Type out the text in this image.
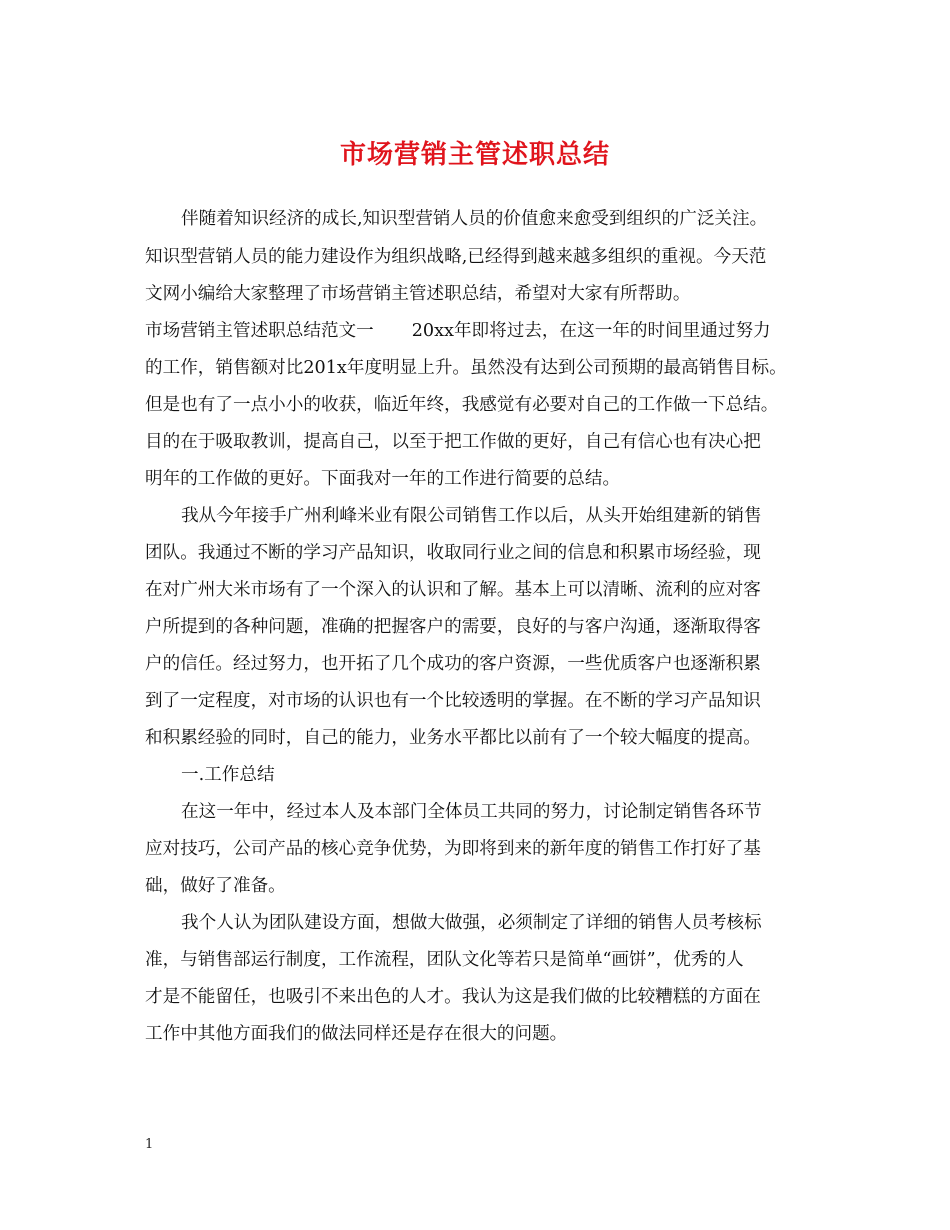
市场营销主管述职总结
伴随着知识经济的成长,知识型营销人员的价值愈来愈受到组织的广泛关注。
知识型营销人员的能力建设作为组织战略,已经得到越来越多组织的重视。今天范
文网小编给大家整理了市场营销主管述职总结，希望对大家有所帮助。
市场营销主管述职总结范文一 20xx年即将过去，在这一年的时间里通过努力
的工作，销售额对比201x年度明显上升。虽然没有达到公司预期的最高销售目标。
但是也有了一点小小的收获，临近年终，我感觉有必要对自己的工作做一下总结。
目的在于吸取教训，提高自己，以至于把工作做的更好，自己有信心也有决心把
明年的工作做的更好。下面我对一年的工作进行简要的总结。
我从今年接手广州利峰米业有限公司销售工作以后，从头开始组建新的销售
团队。我通过不断的学习产品知识，收取同行业之间的信息和积累市场经验，现
在对广州大米市场有了一个深入的认识和了解。基本上可以清晰、流利的应对客
户所提到的各种问题，准确的把握客户的需要，良好的与客户沟通，逐渐取得客
户的信任。经过努力，也开拓了几个成功的客户资源，一些优质客户也逐渐积累
到了一定程度，对市场的认识也有一个比较透明的掌握。在不断的学习产品知识
和积累经验的同时，自己的能力，业务水平都比以前有了一个较大幅度的提高。
一.工作总结
在这一年中，经过本人及本部门全体员工共同的努力，讨论制定销售各环节
应对技巧，公司产品的核心竞争优势，为即将到来的新年度的销售工作打好了基
础，做好了准备。
我个人认为团队建设方面，想做大做强，必须制定了详细的销售人员考核标
准，与销售部运行制度，工作流程，团队文化等若只是简单“画饼”，优秀的人
才是不能留任，也吸引不来出色的人才。我认为这是我们做的比较糟糕的方面在
工作中其他方面我们的做法同样还是存在很大的问题。
1
